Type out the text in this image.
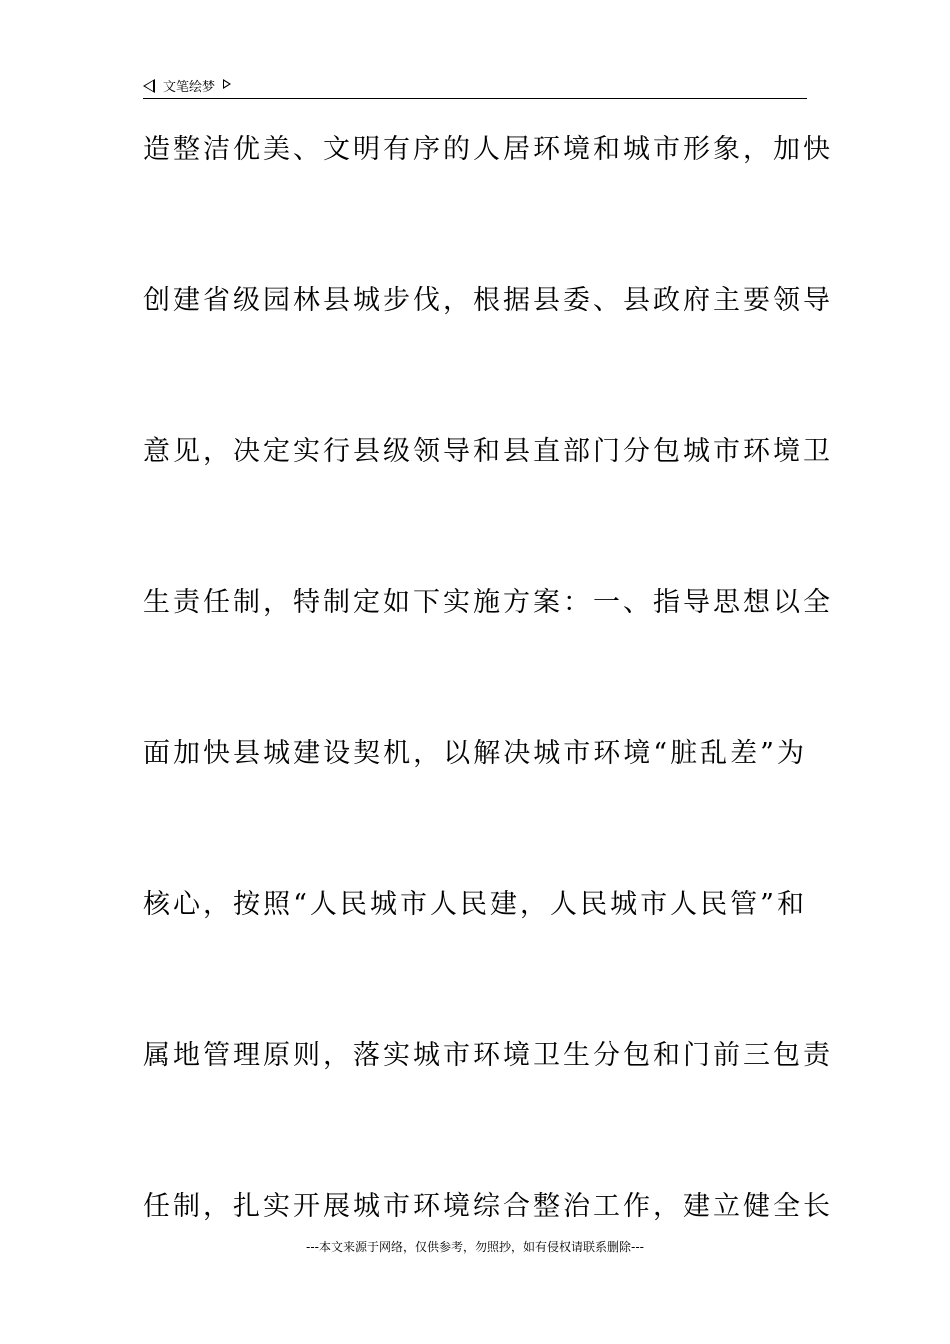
文笔绘梦
造整洁优美、文明有序的人居环境和城市形象，加快
创建省级园林县城步伐，根据县委、县政府主要领导
意见，决定实行县级领导和县直部门分包城市环境卫
生责任制，特制定如下实施方案：一、指导思想以全
面加快县城建设契机，以解决城市环境“脏乱差”为
核心，按照“人民城市人民建，人民城市人民管”和
属地管理原则，落实城市环境卫生分包和门前三包责
任制，扎实开展城市环境综合整治工作，建立健全长
---本文来源于网络，仅供参考，勿照抄，如有侵权请联系删除---
